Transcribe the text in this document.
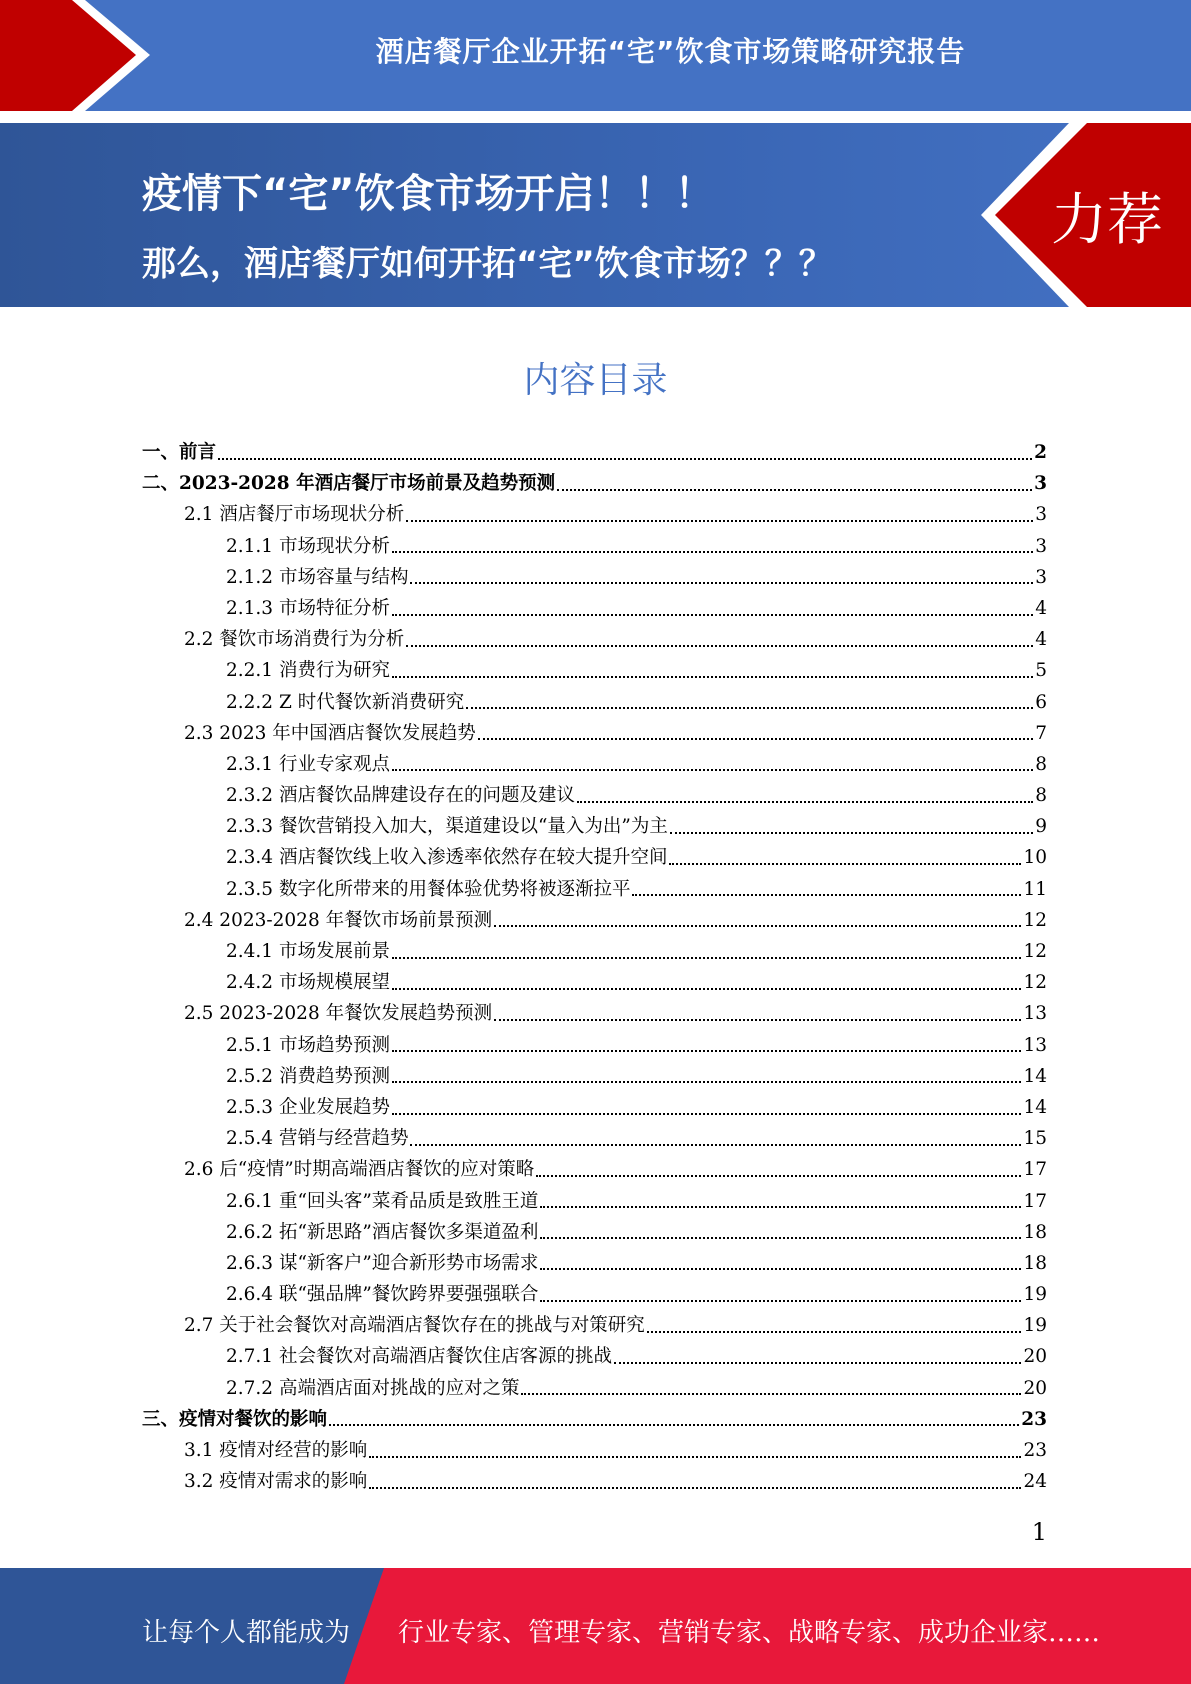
酒店餐厅企业开拓“宅”饮食市场策略研究报告
力荐
疫情下“宅”饮食市场开启！！！
那么，酒店餐厅如何开拓“宅”饮食市场？？？
内容目录
一、前言	2
二、2023-2028 年酒店餐厅市场前景及趋势预测	3
2.1 酒店餐厅市场现状分析	3
2.1.1 市场现状分析	3
2.1.2 市场容量与结构	3
2.1.3 市场特征分析	4
2.2 餐饮市场消费行为分析	4
2.2.1 消费行为研究	5
2.2.2 Z 时代餐饮新消费研究	6
2.3 2023 年中国酒店餐饮发展趋势	7
2.3.1 行业专家观点	8
2.3.2 酒店餐饮品牌建设存在的问题及建议	8
2.3.3 餐饮营销投入加大，渠道建设以“量入为出”为主	9
2.3.4 酒店餐饮线上收入渗透率依然存在较大提升空间	10
2.3.5 数字化所带来的用餐体验优势将被逐渐拉平	11
2.4 2023-2028 年餐饮市场前景预测	12
2.4.1 市场发展前景	12
2.4.2 市场规模展望	12
2.5 2023-2028 年餐饮发展趋势预测	13
2.5.1 市场趋势预测	13
2.5.2 消费趋势预测	14
2.5.3 企业发展趋势	14
2.5.4 营销与经营趋势	15
2.6 后“疫情”时期高端酒店餐饮的应对策略	17
2.6.1 重“回头客”菜肴品质是致胜王道	17
2.6.2 拓“新思路”酒店餐饮多渠道盈利	18
2.6.3 谋“新客户”迎合新形势市场需求	18
2.6.4 联“强品牌”餐饮跨界要强强联合	19
2.7 关于社会餐饮对高端酒店餐饮存在的挑战与对策研究	19
2.7.1 社会餐饮对高端酒店餐饮住店客源的挑战	20
2.7.2 高端酒店面对挑战的应对之策	20
三、疫情对餐饮的影响	23
3.1 疫情对经营的影响	23
3.2 疫情对需求的影响	24
1
让每个人都能成为 行业专家、管理专家、营销专家、战略专家、成功企业家……
